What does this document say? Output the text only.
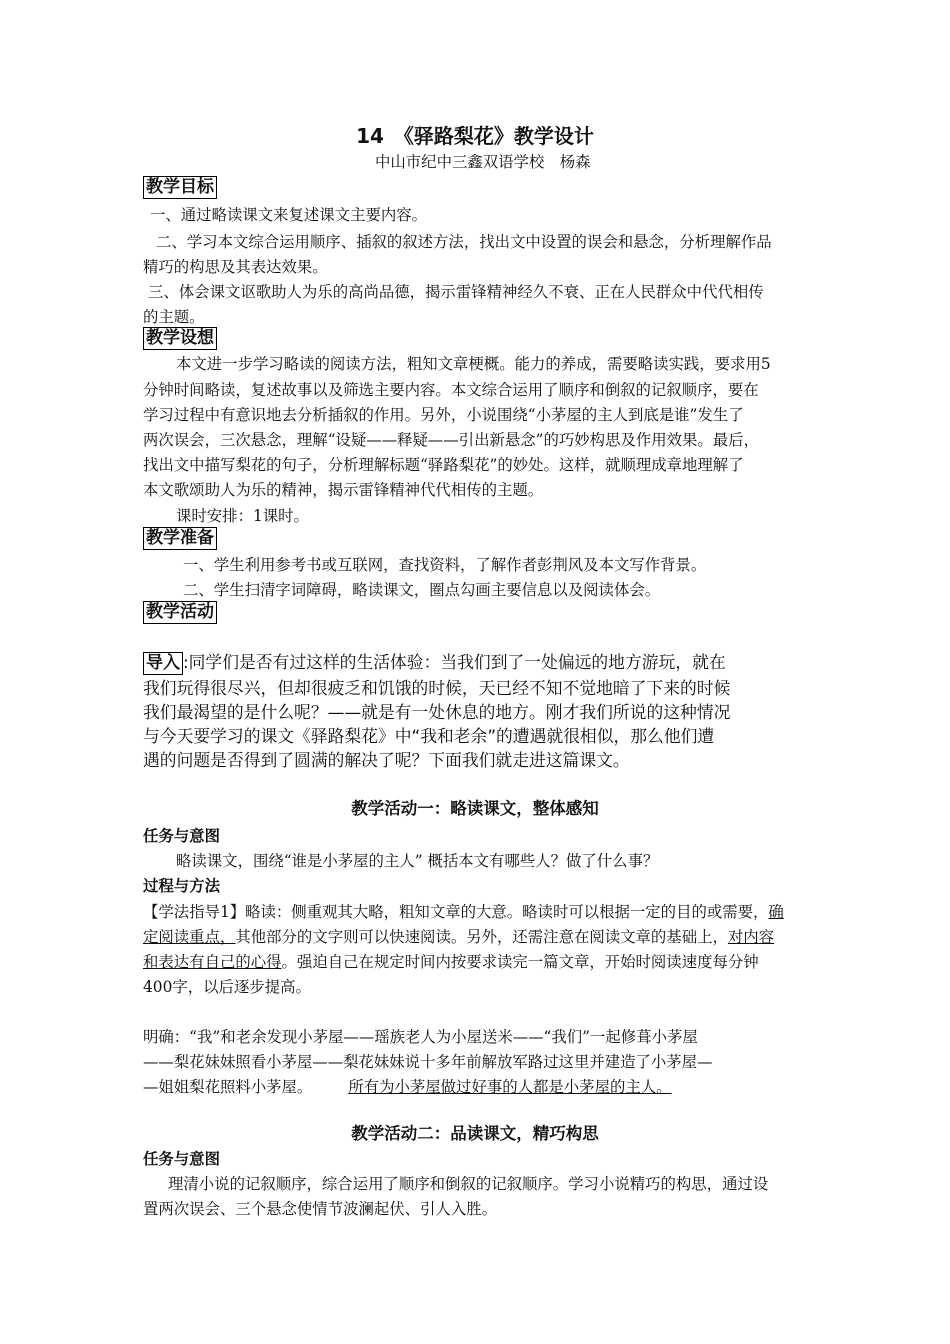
14　《驿路梨花》教学设计
中山市纪中三鑫双语学校　杨森
教学目标
一、通过略读课文来复述课文主要内容。
二、学习本文综合运用顺序、插叙的叙述方法，找出文中设置的误会和悬念，分析理解作品
精巧的构思及其表达效果。
三、体会课文讴歌助人为乐的高尚品德，揭示雷锋精神经久不衰、正在人民群众中代代相传
的主题。
教学设想
本文进一步学习略读的阅读方法，粗知文章梗概。能力的养成，需要略读实践，要求用5
分钟时间略读，复述故事以及筛选主要内容。本文综合运用了顺序和倒叙的记叙顺序，要在
学习过程中有意识地去分析插叙的作用。另外，小说围绕“小茅屋的主人到底是谁”发生了
两次误会，三次悬念，理解“设疑——释疑——引出新悬念”的巧妙构思及作用效果。最后，
找出文中描写梨花的句子，分析理解标题“驿路梨花”的妙处。这样，就顺理成章地理解了
本文歌颂助人为乐的精神，揭示雷锋精神代代相传的主题。
课时安排：1课时。
教学准备
一、学生利用参考书或互联网，查找资料，了解作者彭荆风及本文写作背景。
二、学生扫清字词障碍，略读课文，圈点勾画主要信息以及阅读体会。
教学活动
导入 :同学们是否有过这样的生活体验：当我们到了一处偏远的地方游玩，就在
我们玩得很尽兴，但却很疲乏和饥饿的时候，天已经不知不觉地暗了下来的时候
我们最渴望的是什么呢？——就是有一处休息的地方。刚才我们所说的这种情况
与今天要学习的课文《驿路梨花》中“我和老余”的遭遇就很相似，那么他们遭
遇的问题是否得到了圆满的解决了呢？下面我们就走进这篇课文。
教学活动一：略读课文，整体感知
任务与意图
略读课文，围绕“谁是小茅屋的主人” 概括本文有哪些人？做了什么事？
过程与方法
【学法指导1】略读：侧重观其大略，粗知文章的大意。略读时可以根据一定的目的或需要，确
定阅读重点，其他部分的文字则可以快速阅读。另外，还需注意在阅读文章的基础上，对内容
和表达有自己的心得。强迫自己在规定时间内按要求读完一篇文章，开始时阅读速度每分钟
400字，以后逐步提高。
明确：“我”和老余发现小茅屋——瑶族老人为小屋送米——“我们”一起修葺小茅屋
——梨花妹妹照看小茅屋——梨花妹妹说十多年前解放军路过这里并建造了小茅屋—
—姐姐梨花照料小茅屋。 所有为小茅屋做过好事的人都是小茅屋的主人。
教学活动二：品读课文，精巧构思
任务与意图
理清小说的记叙顺序，综合运用了顺序和倒叙的记叙顺序。学习小说精巧的构思，通过设
置两次误会、三个悬念使情节波澜起伏、引人入胜。
